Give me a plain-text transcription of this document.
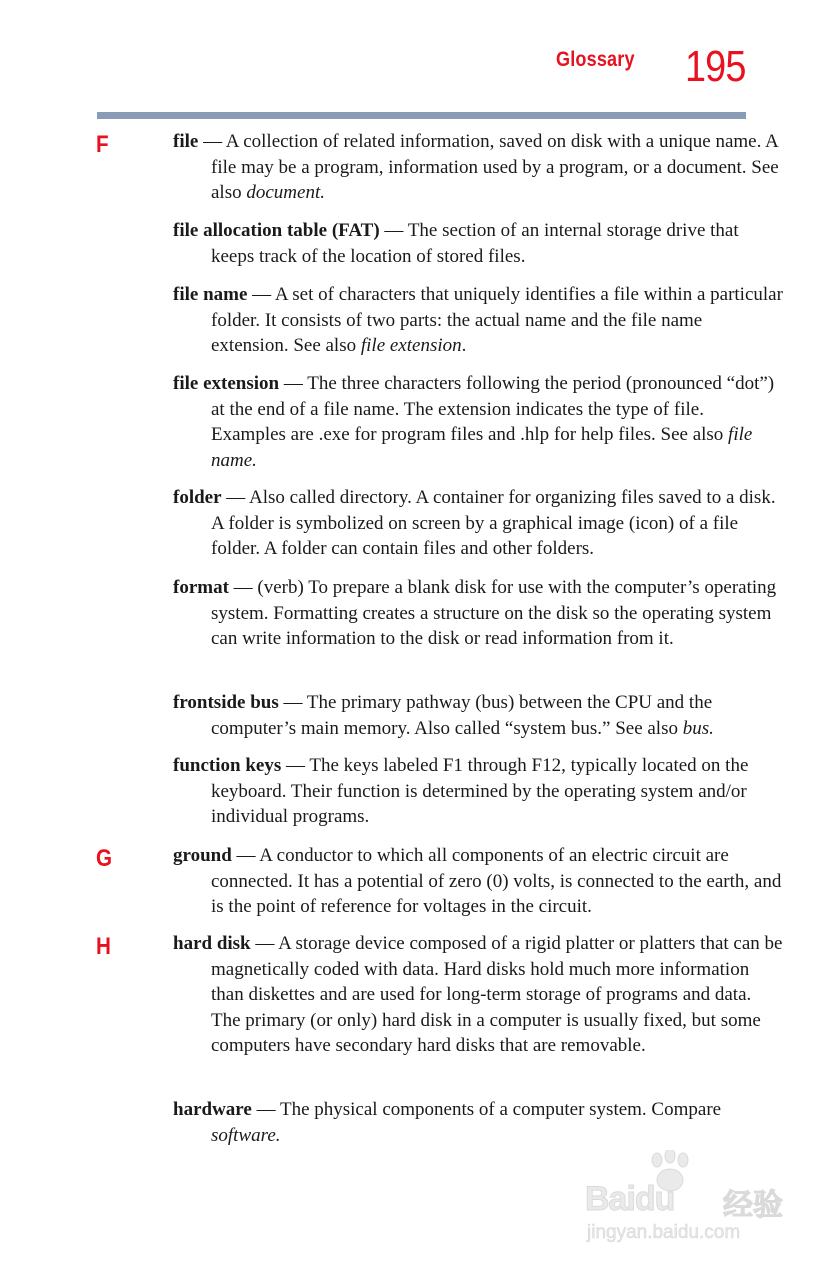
Glossary 195
F
G
H
file — A collection of related information, saved on disk with a unique name. A file may be a program, information used by a program, or a document. See also document.
file allocation table (FAT) — The section of an internal storage drive that keeps track of the location of stored files.
file name — A set of characters that uniquely identifies a file within a particular folder. It consists of two parts: the actual name and the file name extension. See also file extension.
file extension — The three characters following the period (pronounced “dot”) at the end of a file name. The extension indicates the type of file. Examples are .exe for program files and .hlp for help files. See also file name.
folder — Also called directory. A container for organizing files saved to a disk. A folder is symbolized on screen by a graphical image (icon) of a file folder. A folder can contain files and other folders.
format — (verb) To prepare a blank disk for use with the computer’s operating system. Formatting creates a structure on the disk so the operating system can write information to the disk or read information from it.
frontside bus — The primary pathway (bus) between the CPU and the computer’s main memory. Also called “system bus.” See also bus.
function keys — The keys labeled F1 through F12, typically located on the keyboard. Their function is determined by the operating system and/or individual programs.
ground — A conductor to which all components of an electric circuit are connected. It has a potential of zero (0) volts, is connected to the earth, and is the point of reference for voltages in the circuit.
hard disk — A storage device composed of a rigid platter or platters that can be magnetically coded with data. Hard disks hold much more information than diskettes and are used for long-term storage of programs and data. The primary (or only) hard disk in a computer is usually fixed, but some computers have secondary hard disks that are removable.
hardware — The physical components of a computer system. Compare software.
Baidu 经验
jingyan.baidu.com
